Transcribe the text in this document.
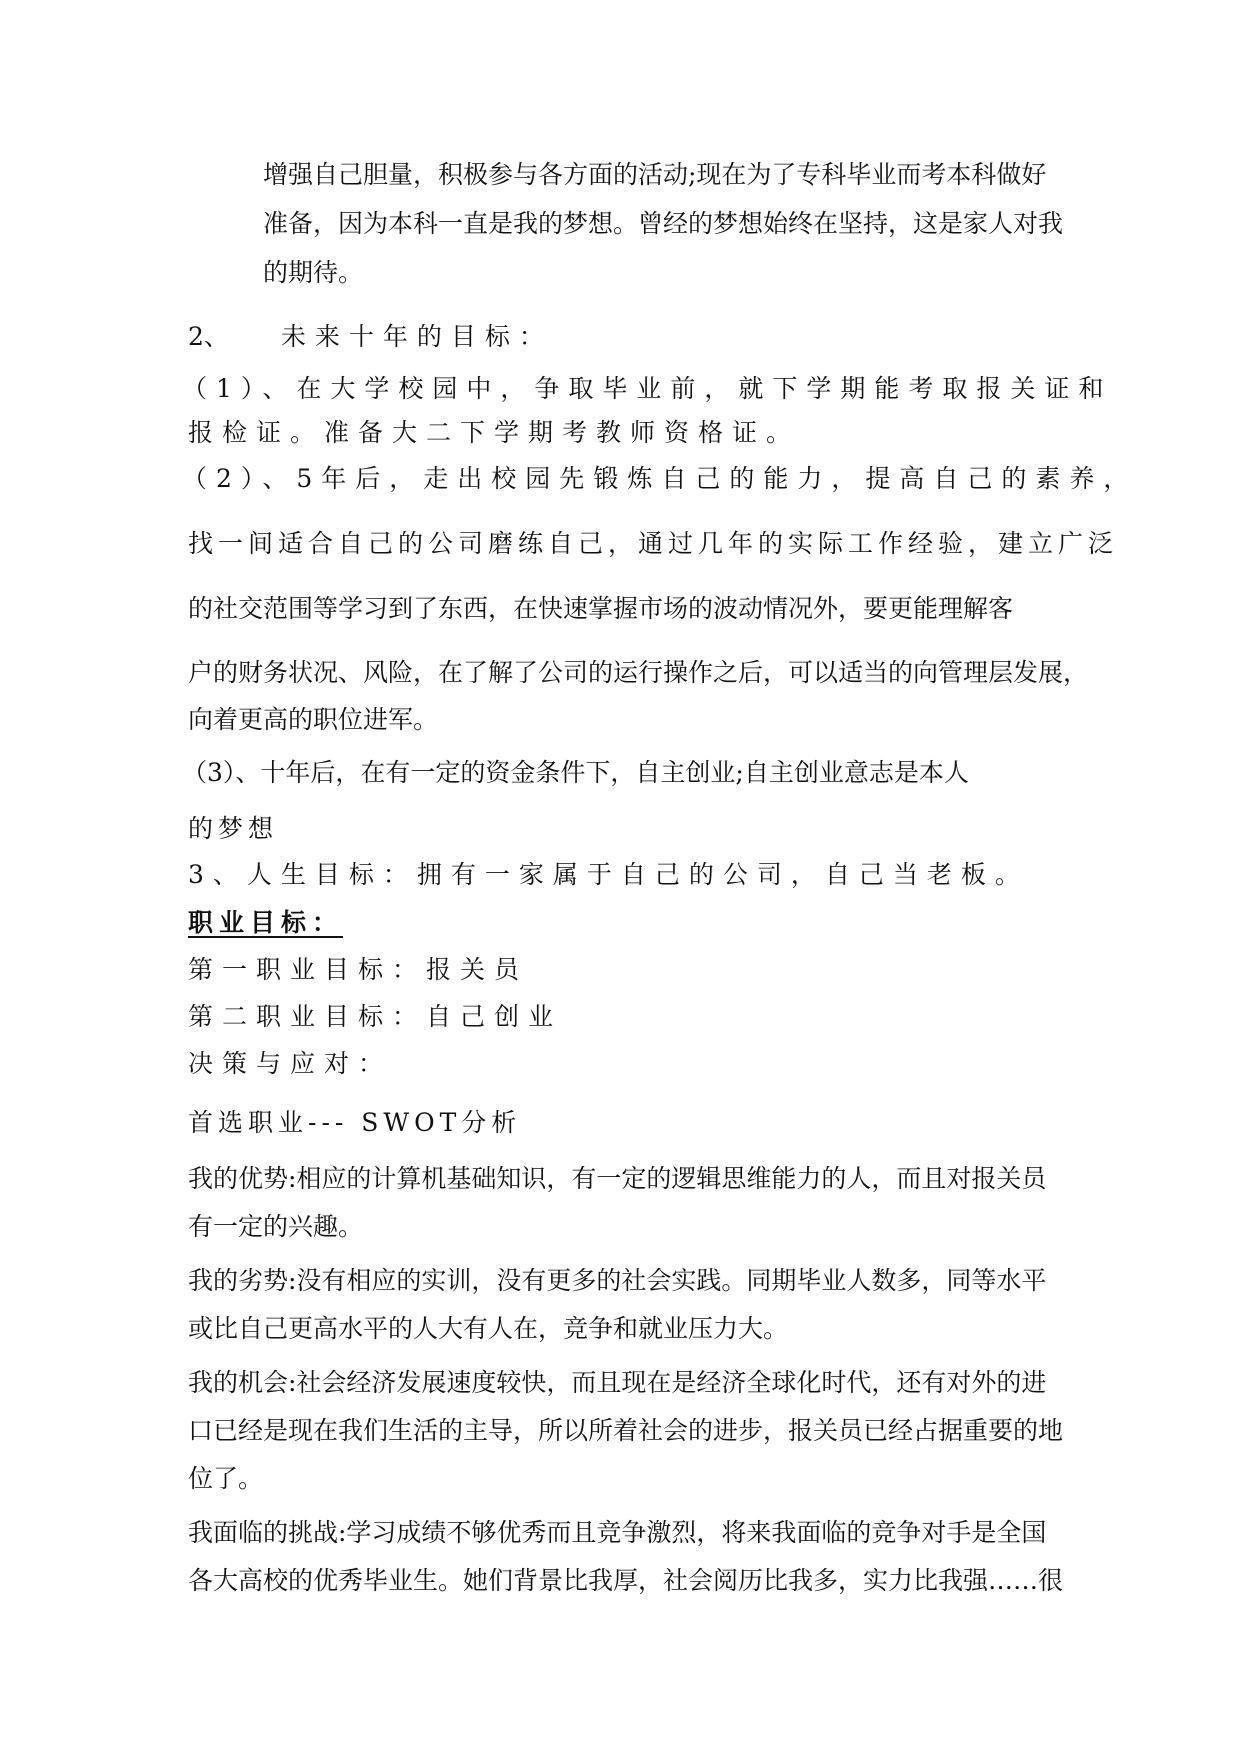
增强自己胆量，积极参与各方面的活动;现在为了专科毕业而考本科做好
准备，因为本科一直是我的梦想。曾经的梦想始终在坚持，这是家人对我
的期待。
2、 未来十年的目标：
（1）、在大学校园中，争取毕业前，就下学期能考取报关证和
报检证。准备大二下学期考教师资格证。
（2）、5年后，走出校园先锻炼自己的能力，提高自己的素养，
找一间适合自己的公司磨练自己，通过几年的实际工作经验，建立广泛
的社交范围等学习到了东西，在快速掌握市场的波动情况外，要更能理解客
户的财务状况、风险，在了解了公司的运行操作之后，可以适当的向管理层发展，
向着更高的职位进军。
（3）、十年后，在有一定的资金条件下，自主创业;自主创业意志是本人
的梦想
3、人生目标：拥有一家属于自己的公司，自己当老板。
职业目标：
第一职业目标：报关员
第二职业目标：自己创业
决策与应对：
首选职业--- SWOT分析
我的优势:相应的计算机基础知识，有一定的逻辑思维能力的人，而且对报关员
有一定的兴趣。
我的劣势:没有相应的实训，没有更多的社会实践。同期毕业人数多，同等水平
或比自己更高水平的人大有人在，竞争和就业压力大。
我的机会:社会经济发展速度较快，而且现在是经济全球化时代，还有对外的进
口已经是现在我们生活的主导，所以所着社会的进步，报关员已经占据重要的地
位了。
我面临的挑战:学习成绩不够优秀而且竞争激烈，将来我面临的竞争对手是全国
各大高校的优秀毕业生。她们背景比我厚，社会阅历比我多，实力比我强……很
